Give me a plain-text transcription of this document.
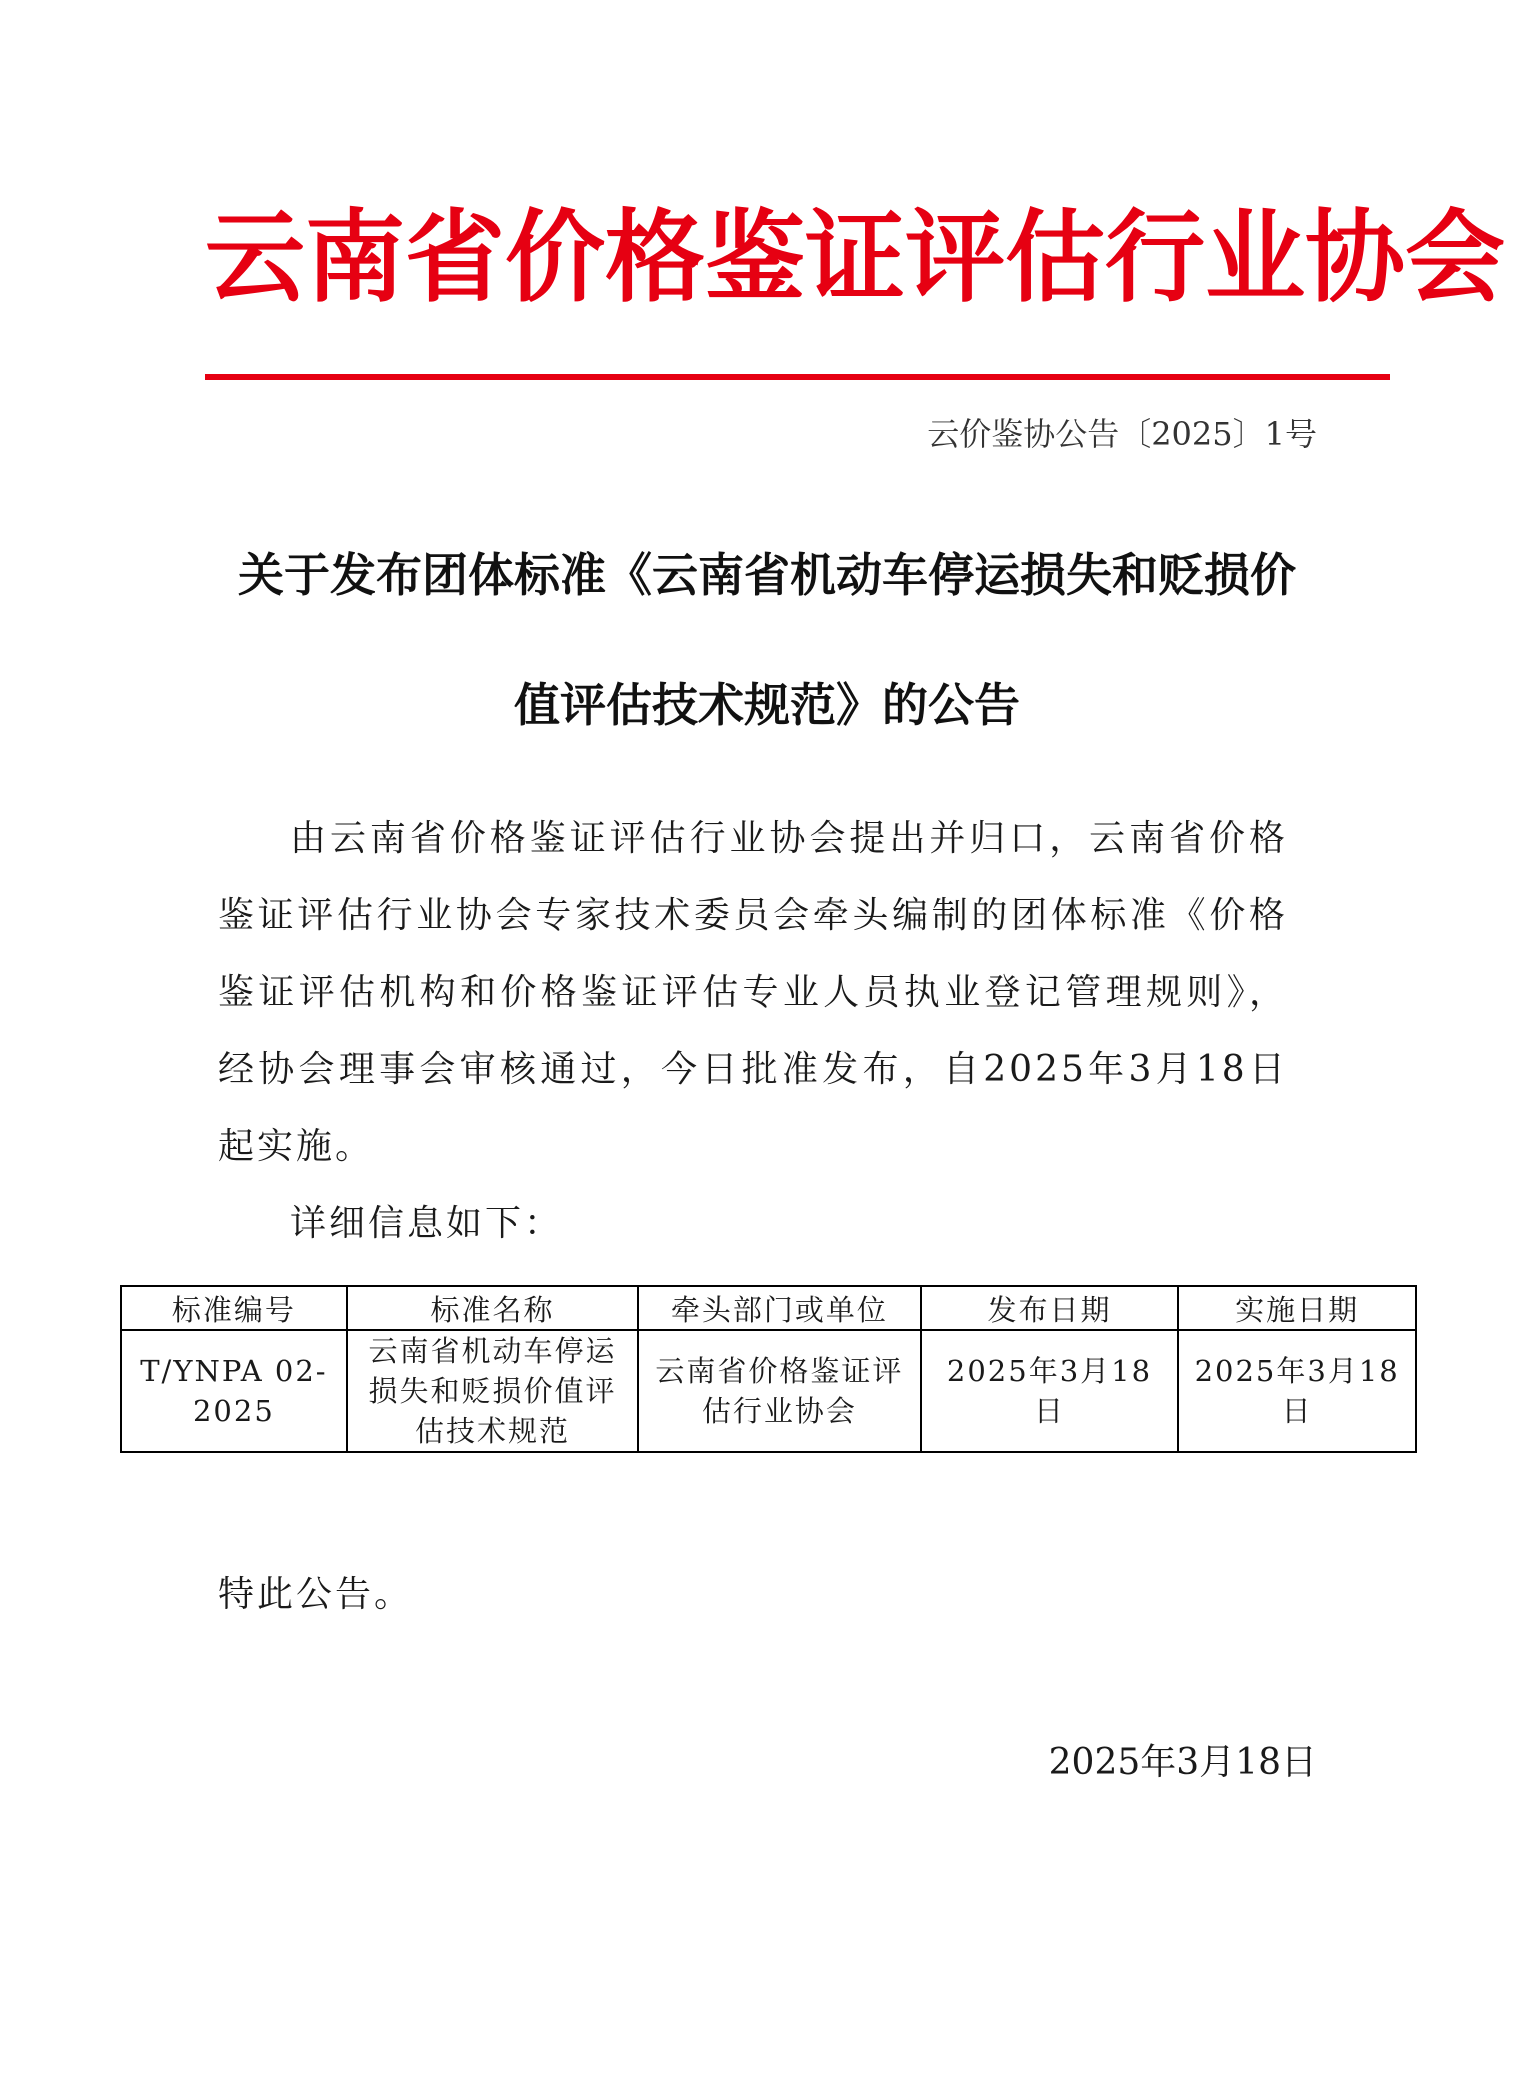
云南省价格鉴证评估行业协会
云价鉴协公告〔2025〕1号
关于发布团体标准《云南省机动车停运损失和贬损价
值评估技术规范》的公告

由云南省价格鉴证评估行业协会提出并归口，云南省价格鉴证评估行业协会专家技术委员会牵头编制的团体标准《价格鉴证评估机构和价格鉴证评估专业人员执业登记管理规则》，经协会理事会审核通过，今日批准发布，自2025年3月18日起实施。

详细信息如下：

标准编号	标准名称	牵头部门或单位	发布日期	实施日期
T/YNPA 02-2025	云南省机动车停运损失和贬损价值评估技术规范	云南省价格鉴证评估行业协会	2025年3月18日	2025年3月18日
特此公告。
2025年3月18日
